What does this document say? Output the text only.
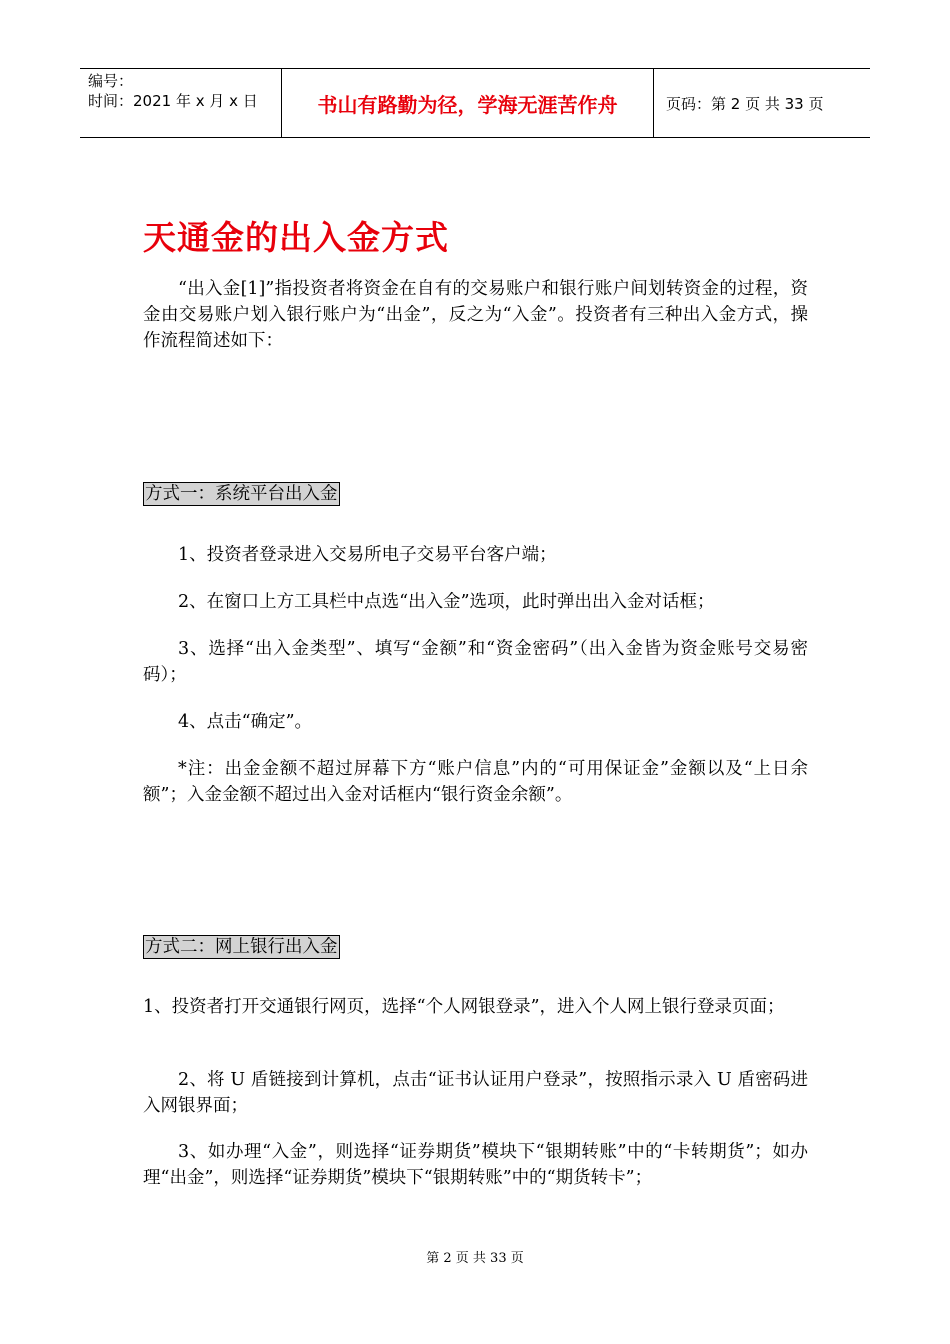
编号：
时间：2021 年 x 月 x 日	书山有路勤为径，学海无涯苦作舟	页码：第 2 页 共 33 页
天通金的出入金方式

“出入金[1]”指投资者将资金在自有的交易账户和银行账户间划转资金的过程，资金由交易账户划入银行账户为“出金”，反之为“入金”。投资者有三种出入金方式，操作流程简述如下：

方式一：系统平台出入金

1、投资者登录进入交易所电子交易平台客户端；

2、在窗口上方工具栏中点选“出入金”选项，此时弹出出入金对话框；

3、选择“出入金类型”、填写“金额”和“资金密码”（出入金皆为资金账号交易密码）；

4、点击“确定”。

*注：出金金额不超过屏幕下方“账户信息”内的“可用保证金”金额以及“上日余额”；入金金额不超过出入金对话框内“银行资金余额”。

方式二：网上银行出入金

1、投资者打开交通银行网页，选择“个人网银登录”，进入个人网上银行登录页面；

2、将 U 盾链接到计算机，点击“证书认证用户登录”，按照指示录入 U 盾密码进入网银界面；

3、如办理“入金”，则选择“证券期货”模块下“银期转账”中的“卡转期货”；如办理“出金”，则选择“证券期货”模块下“银期转账”中的“期货转卡”；

第 2 页 共 33 页
